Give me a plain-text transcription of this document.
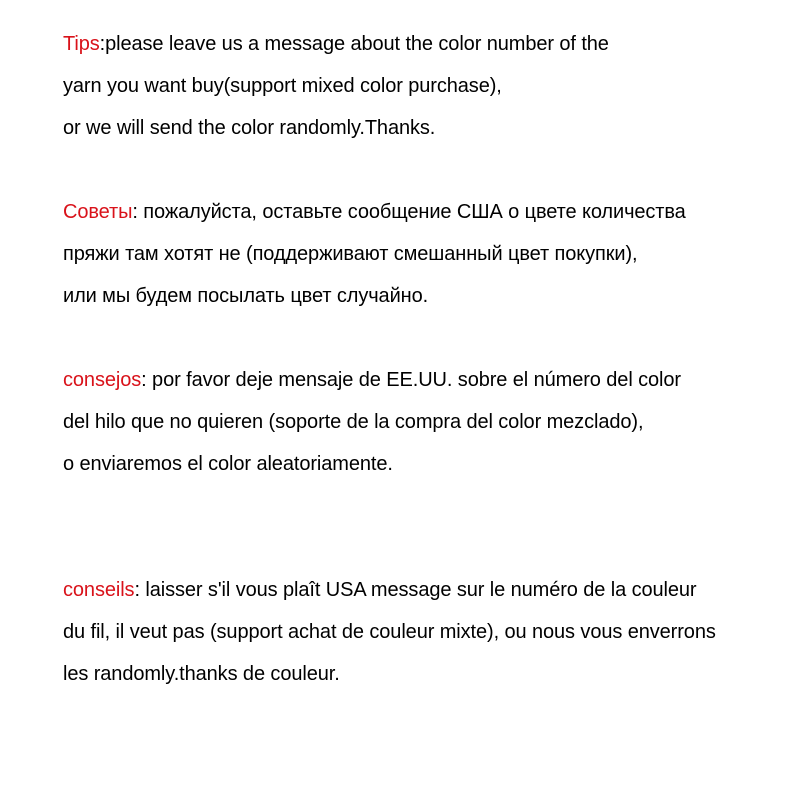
Tips:please leave us a message about the color number of the
yarn you want buy(support mixed color purchase),
or we will send the color randomly.Thanks.
Советы: пожалуйста, оставьте сообщение США о цвете количества
пряжи там хотят не (поддерживают смешанный цвет покупки),
или мы будем посылать цвет случайно.
consejos: por favor deje mensaje de EE.UU. sobre el número del color
del hilo que no quieren (soporte de la compra del color mezclado),
o enviaremos el color aleatoriamente.
conseils: laisser s'il vous plaît USA message sur le numéro de la couleur
du fil, il veut pas (support achat de couleur mixte), ou nous vous enverrons
les randomly.thanks de couleur.
